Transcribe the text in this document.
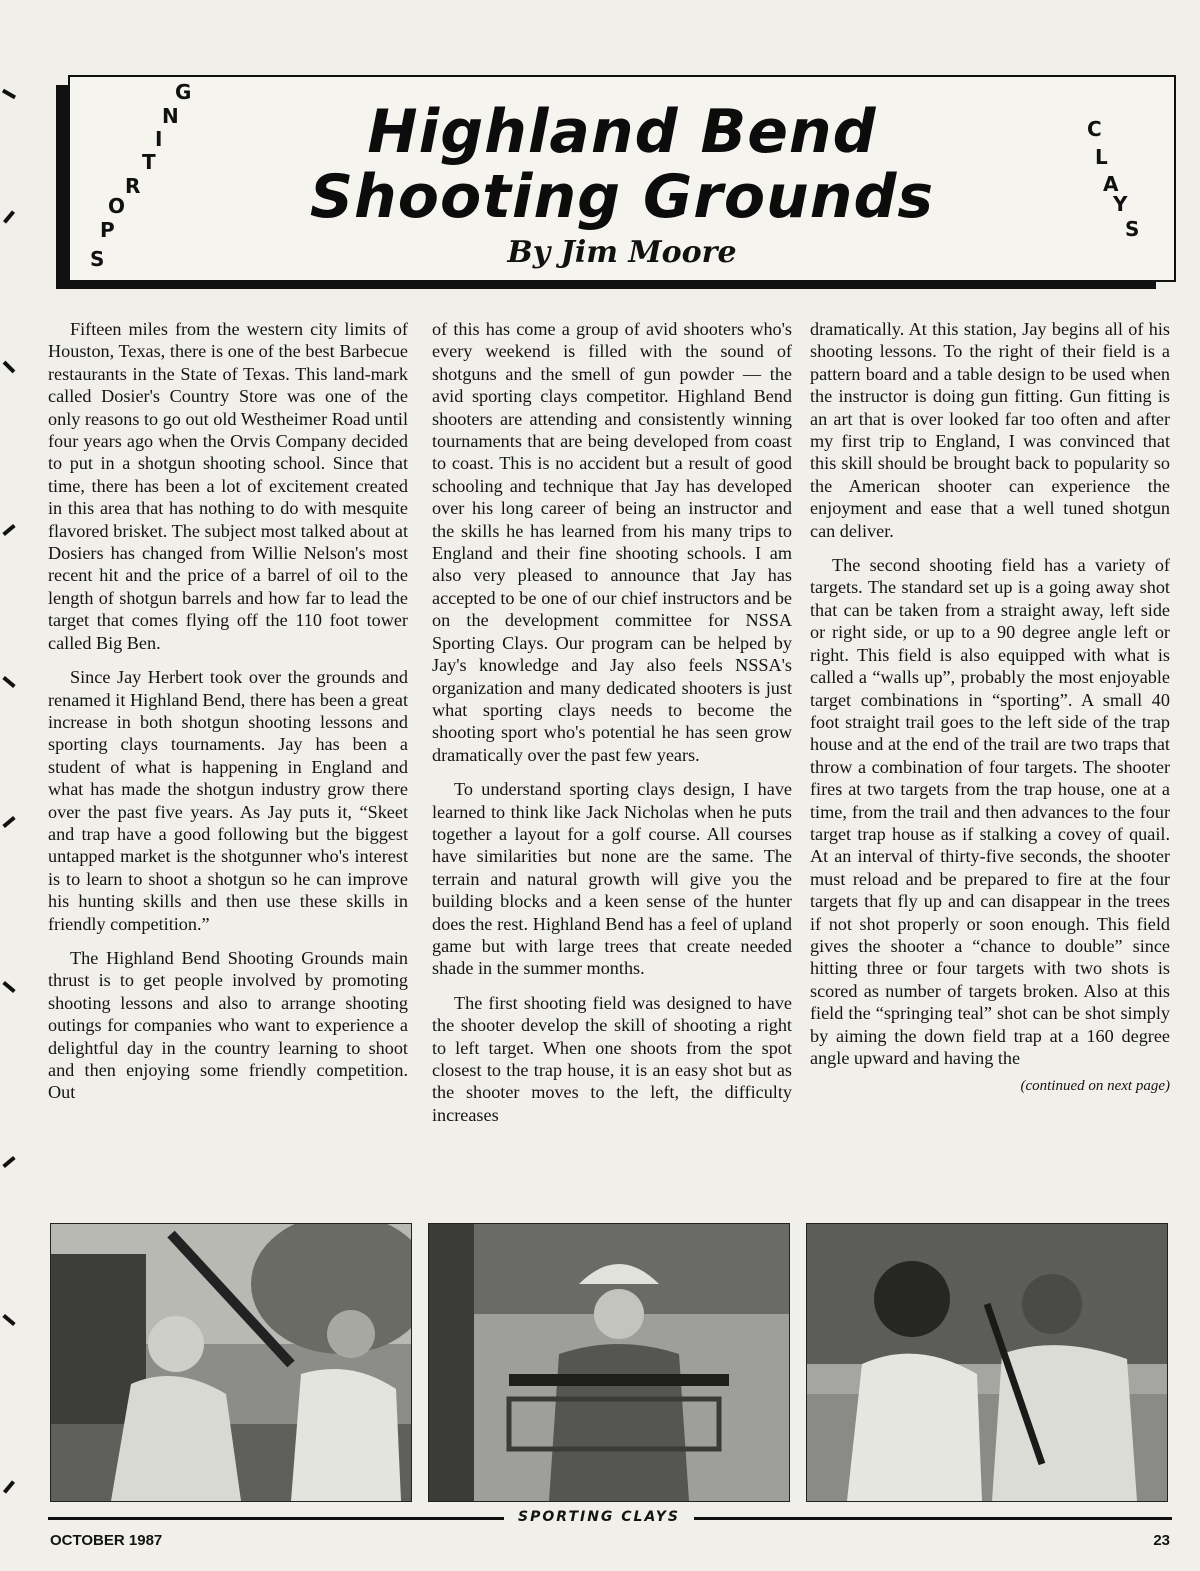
Highland Bend
Shooting Grounds
By Jim Moore
G
N
I
T
R
O
P
S
C
L
A
Y
S

Fifteen miles from the western city limits of Houston, Texas, there is one of the best Barbecue restaurants in the State of Texas. This land-mark called Dosier's Country Store was one of the only reasons to go out old Westheimer Road until four years ago when the Orvis Company decided to put in a shotgun shooting school. Since that time, there has been a lot of excitement created in this area that has nothing to do with mesquite flavored brisket. The subject most talked about at Dosiers has changed from Willie Nelson's most recent hit and the price of a barrel of oil to the length of shotgun barrels and how far to lead the target that comes flying off the 110 foot tower called Big Ben.

Since Jay Herbert took over the grounds and renamed it Highland Bend, there has been a great increase in both shotgun shooting lessons and sporting clays tournaments. Jay has been a student of what is happening in England and what has made the shotgun industry grow there over the past five years. As Jay puts it, “Skeet and trap have a good following but the biggest untapped market is the shotgunner who's interest is to learn to shoot a shotgun so he can improve his hunting skills and then use these skills in friendly competition.”

The Highland Bend Shooting Grounds main thrust is to get people involved by promoting shooting lessons and also to arrange shooting outings for companies who want to experience a delightful day in the country learning to shoot and then enjoying some friendly competition. Out

of this has come a group of avid shooters who's every weekend is filled with the sound of shotguns and the smell of gun powder — the avid sporting clays competitor. Highland Bend shooters are attending and consistently winning tournaments that are being developed from coast to coast. This is no accident but a result of good schooling and technique that Jay has developed over his long career of being an instructor and the skills he has learned from his many trips to England and their fine shooting schools. I am also very pleased to announce that Jay has accepted to be one of our chief instructors and be on the development committee for NSSA Sporting Clays. Our program can be helped by Jay's knowledge and Jay also feels NSSA's organization and many dedicated shooters is just what sporting clays needs to become the shooting sport who's potential he has seen grow dramatically over the past few years.

To understand sporting clays design, I have learned to think like Jack Nicholas when he puts together a layout for a golf course. All courses have similarities but none are the same. The terrain and natural growth will give you the building blocks and a keen sense of the hunter does the rest. Highland Bend has a feel of upland game but with large trees that create needed shade in the summer months.

The first shooting field was designed to have the shooter develop the skill of shooting a right to left target. When one shoots from the spot closest to the trap house, it is an easy shot but as the shooter moves to the left, the difficulty increases

dramatically. At this station, Jay begins all of his shooting lessons. To the right of their field is a pattern board and a table design to be used when the instructor is doing gun fitting. Gun fitting is an art that is over looked far too often and after my first trip to England, I was convinced that this skill should be brought back to popularity so the American shooter can experience the enjoyment and ease that a well tuned shotgun can deliver.

The second shooting field has a variety of targets. The standard set up is a going away shot that can be taken from a straight away, left side or right side, or up to a 90 degree angle left or right. This field is also equipped with what is called a “walls up”, probably the most enjoyable target combinations in “sporting”. A small 40 foot straight trail goes to the left side of the trap house and at the end of the trail are two traps that throw a combination of four targets. The shooter fires at two targets from the trap house, one at a time, from the trail and then advances to the four target trap house as if stalking a covey of quail. At an interval of thirty-five seconds, the shooter must reload and be prepared to fire at the four targets that fly up and can disappear in the trees if not shot properly or soon enough. This field gives the shooter a “chance to double” since hitting three or four targets with two shots is scored as number of targets broken. Also at this field the “springing teal” shot can be shot simply by aiming the down field trap at a 160 degree angle upward and having the

(continued on next page)
SPORTING CLAYS
OCTOBER 1987	23
